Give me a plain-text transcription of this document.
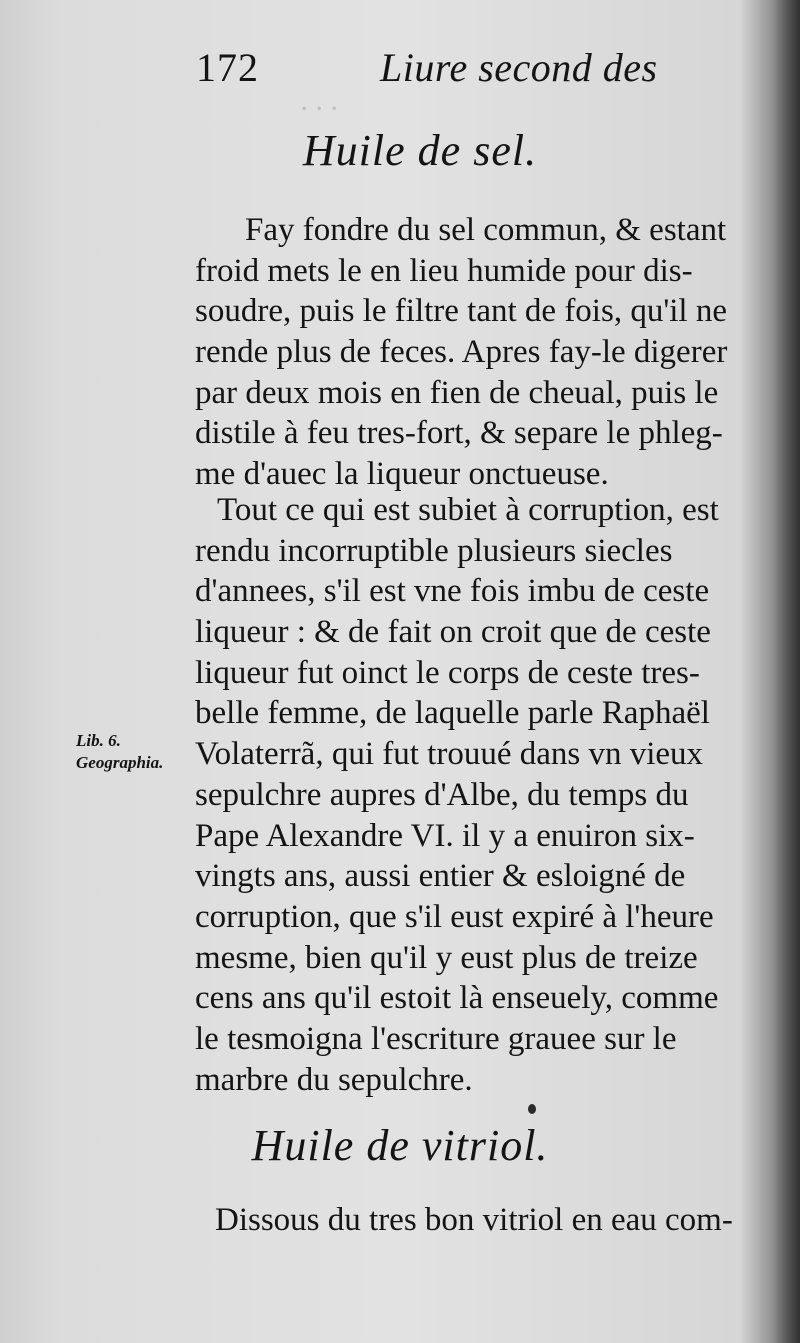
· · ·
172	Liure second des
Huile de sel.
Fay fondre du sel commun, & estant
froid mets le en lieu humide pour dis-
soudre, puis le filtre tant de fois, qu'il ne
rende plus de feces. Apres fay-le digerer
par deux mois en fien de cheual, puis le
distile à feu tres-fort, & separe le phleg-
me d'auec la liqueur onctueuse.
Tout ce qui est subiet à corruption, est
rendu incorruptible plusieurs siecles
d'annees, s'il est vne fois imbu de ceste
liqueur : & de fait on croit que de ceste
liqueur fut oinct le corps de ceste tres-
belle femme, de laquelle parle Raphaël
Volaterrã, qui fut trouué dans vn vieux
sepulchre aupres d'Albe, du temps du
Pape Alexandre VI. il y a enuiron six-
vingts ans, aussi entier & esloigné de
corruption, que s'il eust expiré à l'heure
mesme, bien qu'il y eust plus de treize
cens ans qu'il estoit là enseuely, comme
le tesmoigna l'escriture grauee sur le
marbre du sepulchre.
Lib. 6.
Geographia.
Huile de vitriol.
Dissous du tres bon vitriol en eau com-
